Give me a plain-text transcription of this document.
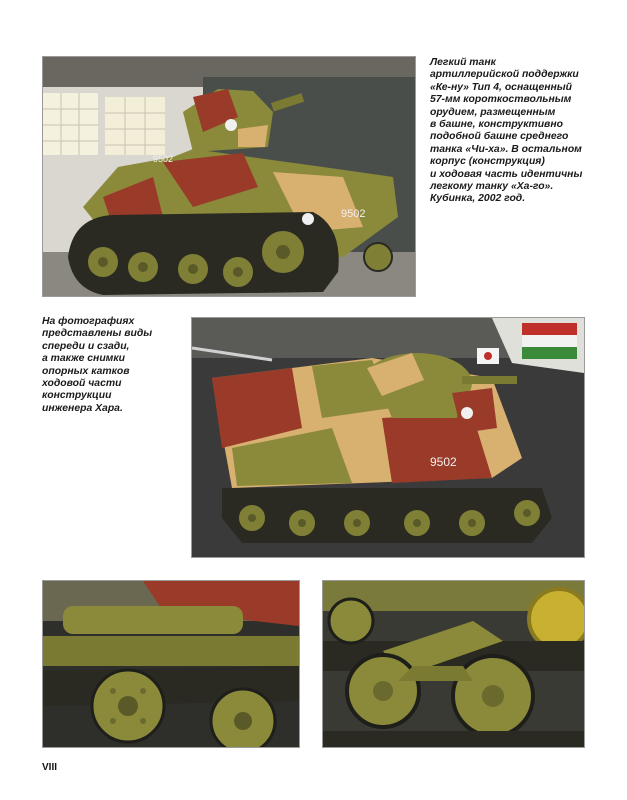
9502
9502
Легкий танк
артиллерийской поддержки
«Ке-ну» Тип 4, оснащенный
57-мм короткоствольным
орудием, размещенным
в башне, конструктивно
подобной башне среднего
танка «Чи-ха». В остальном
корпус (конструкция)
и ходовая часть идентичны
легкому танку «Ха-го».
Кубинка, 2002 год.
На фотографиях
представлены виды
спереди и сзади,
а также снимки
опорных катков
ходовой части
конструкции
инженера Хара.
9502
VIII
